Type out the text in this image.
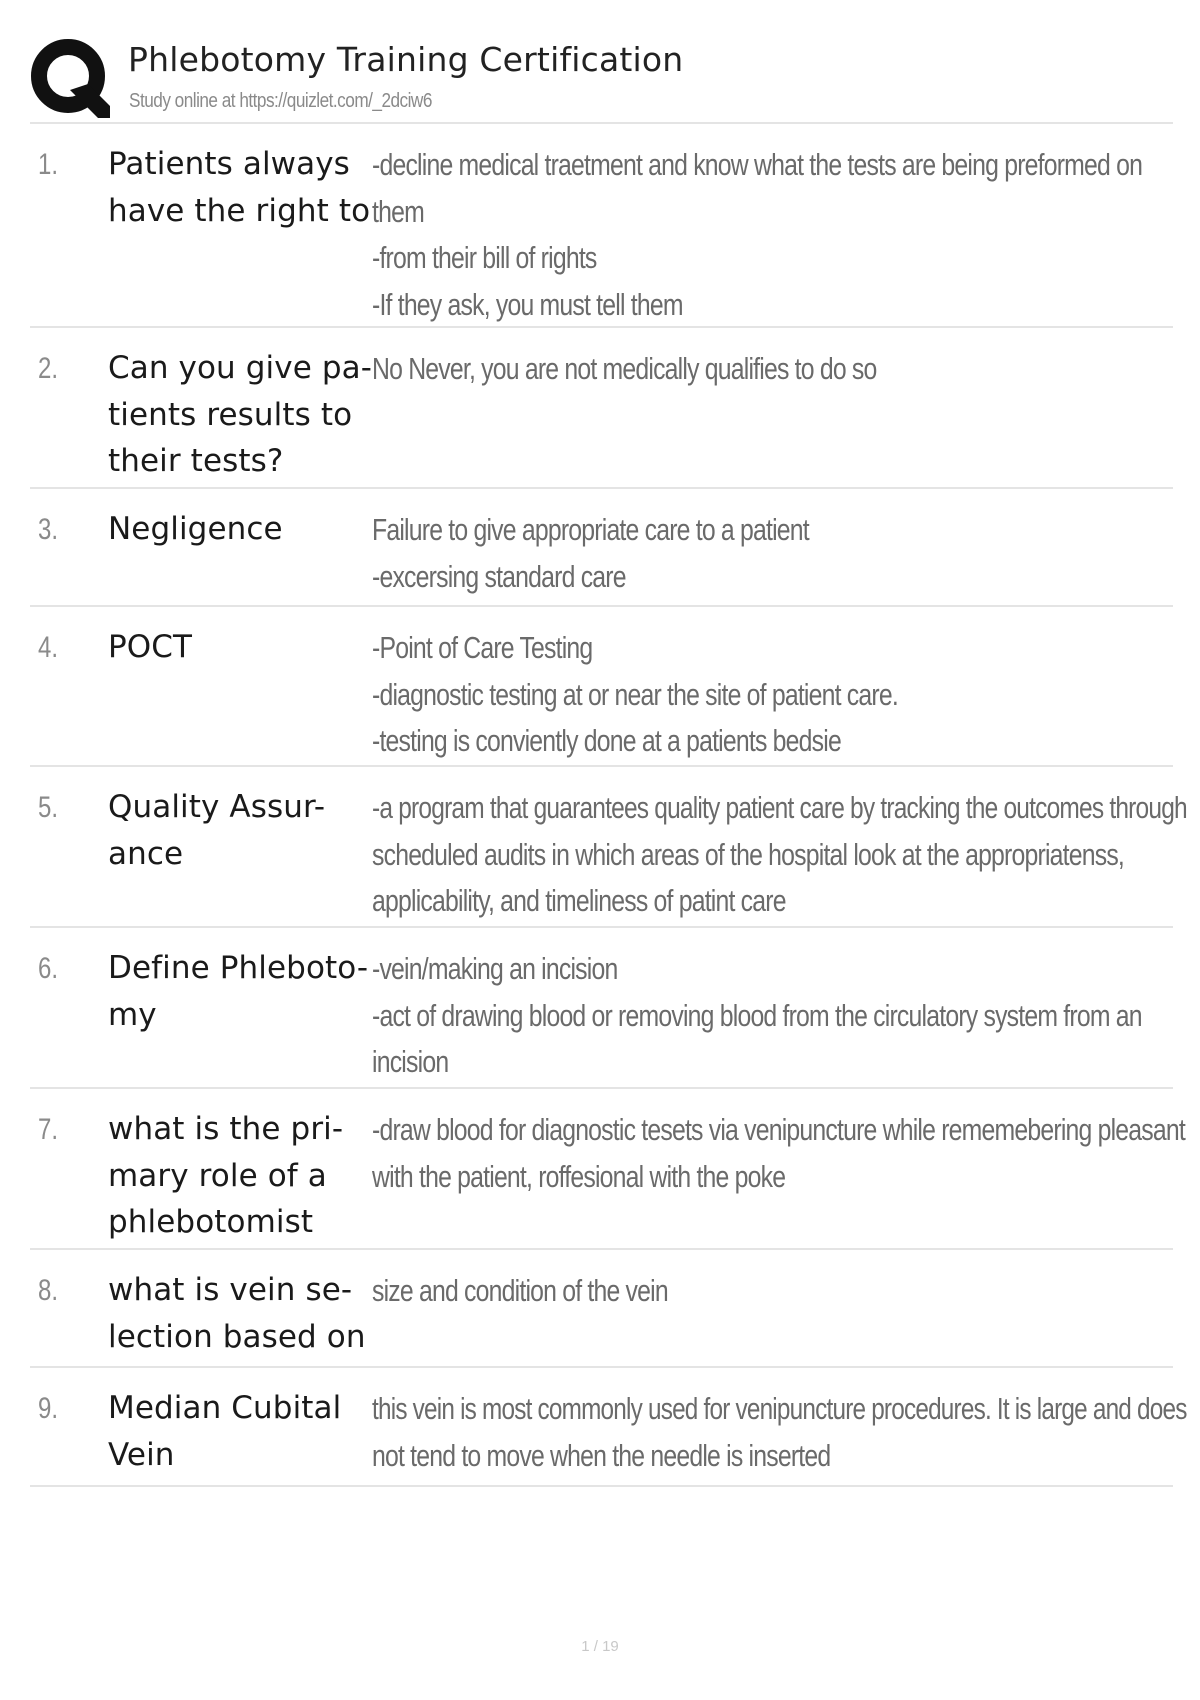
Phlebotomy Training Certification
Study online at https://quizlet.com/_2dciw6
1. Patients always
have the right to
-decline medical traetment and know what the tests are being preformed on
them
-from their bill of rights
-If they ask, you must tell them
2. Can you give pa-
tients results to
their tests?
No Never, you are not medically qualifies to do so
3. Negligence	Failure to give appropriate care to a patient
-excersing standard care
4. POCT	-Point of Care Testing
-diagnostic testing at or near the site of patient care.
-testing is conviently done at a patients bedsie
5. Quality Assur-
ance
-a program that guarantees quality patient care by tracking the outcomes through
scheduled audits in which areas of the hospital look at the appropriatenss,
applicability, and timeliness of patint care
6. Define Phleboto-
my
-vein/making an incision
-act of drawing blood or removing blood from the circulatory system from an
incision
7. what is the pri-
mary role of a
phlebotomist
-draw blood for diagnostic tesets via venipuncture while rememebering pleasant
with the patient, roffesional with the poke
8. what is vein se-
lection based on
size and condition of the vein
9. Median Cubital
Vein
this vein is most commonly used for venipuncture procedures. It is large and does
not tend to move when the needle is inserted
1 / 19
